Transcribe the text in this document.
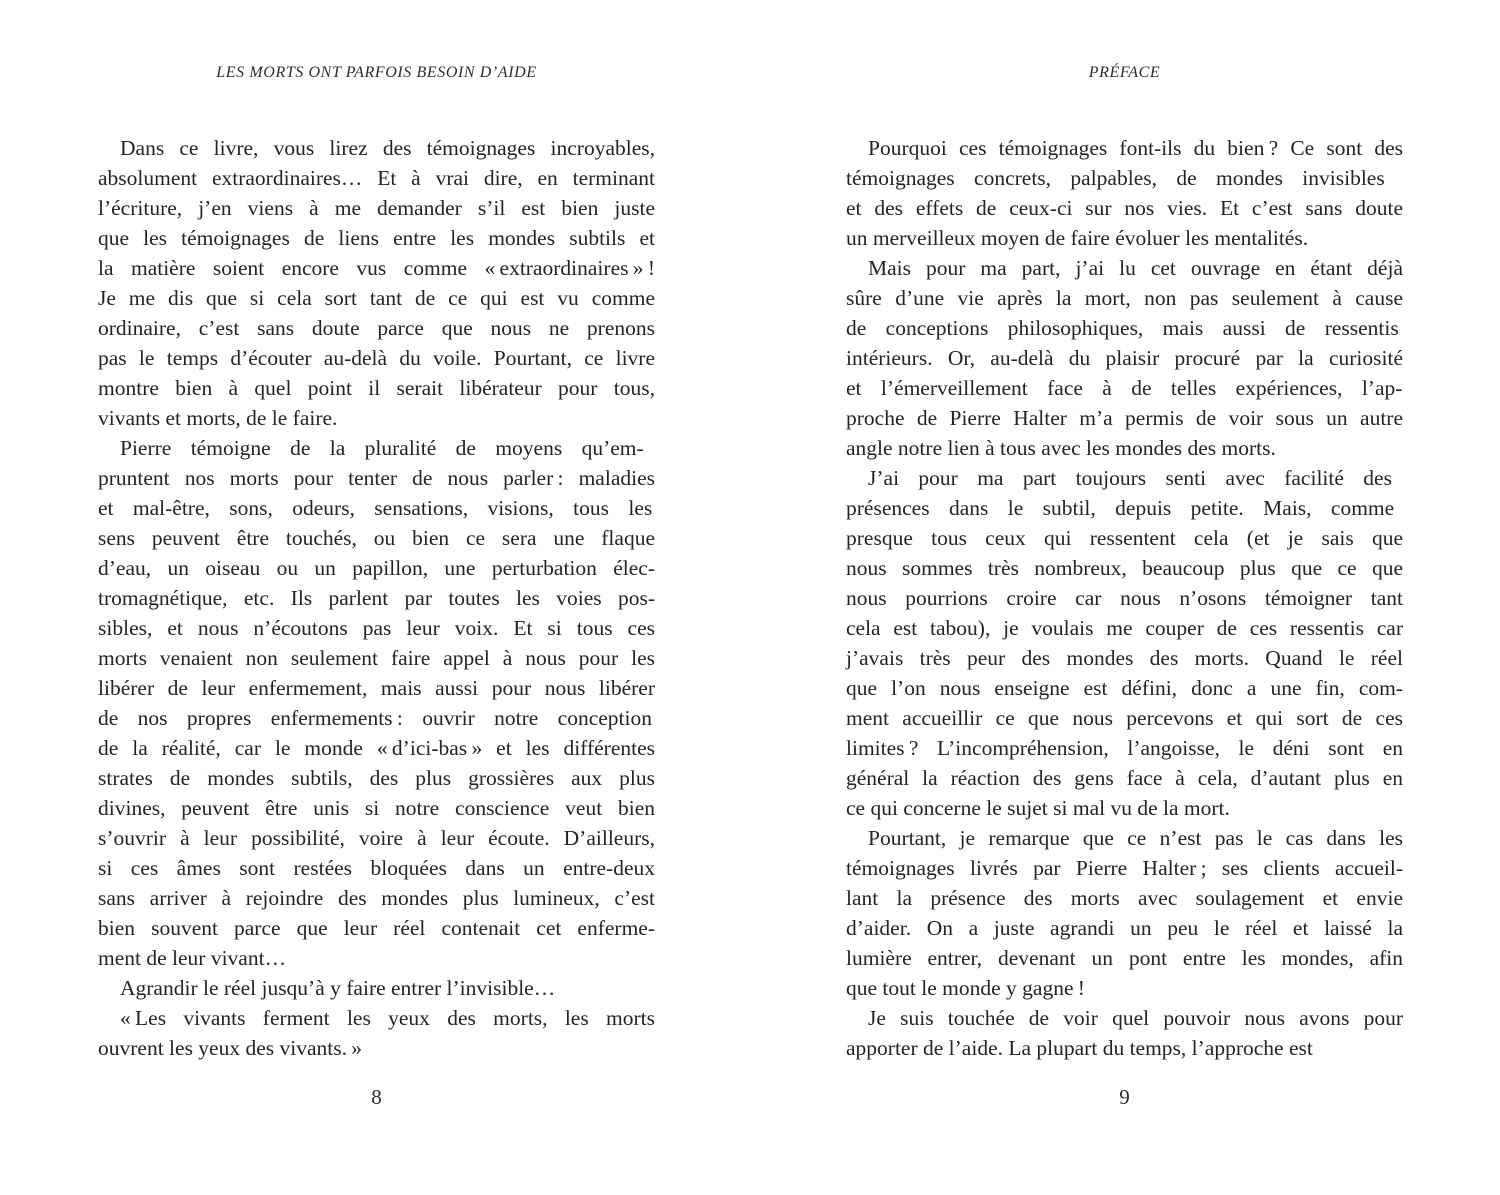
LES MORTS ONT PARFOIS BESOIN D’AIDE
Dans ce livre, vous lirez des témoignages incroyables,
absolument extraordinaires… Et à vrai dire, en terminant
l’écriture, j’en viens à me demander s’il est bien juste
que les témoignages de liens entre les mondes subtils et
la matière soient encore vus comme « extraordinaires » !
Je me dis que si cela sort tant de ce qui est vu comme
ordinaire, c’est sans doute parce que nous ne prenons
pas le temps d’écouter au-delà du voile. Pourtant, ce livre
montre bien à quel point il serait libérateur pour tous,
vivants et morts, de le faire.
Pierre témoigne de la pluralité de moyens qu’em-
pruntent nos morts pour tenter de nous parler : maladies
et mal-être, sons, odeurs, sensations, visions, tous les
sens peuvent être touchés, ou bien ce sera une flaque
d’eau, un oiseau ou un papillon, une perturbation élec-
tromagnétique, etc. Ils parlent par toutes les voies pos-
sibles, et nous n’écoutons pas leur voix. Et si tous ces
morts venaient non seulement faire appel à nous pour les
libérer de leur enfermement, mais aussi pour nous libérer
de nos propres enfermements : ouvrir notre conception
de la réalité, car le monde « d’ici-bas » et les différentes
strates de mondes subtils, des plus grossières aux plus
divines, peuvent être unis si notre conscience veut bien
s’ouvrir à leur possibilité, voire à leur écoute. D’ailleurs,
si ces âmes sont restées bloquées dans un entre-deux
sans arriver à rejoindre des mondes plus lumineux, c’est
bien souvent parce que leur réel contenait cet enferme-
ment de leur vivant…
Agrandir le réel jusqu’à y faire entrer l’invisible…
« Les vivants ferment les yeux des morts, les morts
ouvrent les yeux des vivants. »
8
PRÉFACE
Pourquoi ces témoignages font-ils du bien ? Ce sont des
témoignages concrets, palpables, de mondes invisibles
et des effets de ceux-ci sur nos vies. Et c’est sans doute
un merveilleux moyen de faire évoluer les mentalités.
Mais pour ma part, j’ai lu cet ouvrage en étant déjà
sûre d’une vie après la mort, non pas seulement à cause
de conceptions philosophiques, mais aussi de ressentis
intérieurs. Or, au-delà du plaisir procuré par la curiosité
et l’émerveillement face à de telles expériences, l’ap-
proche de Pierre Halter m’a permis de voir sous un autre
angle notre lien à tous avec les mondes des morts.
J’ai pour ma part toujours senti avec facilité des
présences dans le subtil, depuis petite. Mais, comme
presque tous ceux qui ressentent cela (et je sais que
nous sommes très nombreux, beaucoup plus que ce que
nous pourrions croire car nous n’osons témoigner tant
cela est tabou), je voulais me couper de ces ressentis car
j’avais très peur des mondes des morts. Quand le réel
que l’on nous enseigne est défini, donc a une fin, com-
ment accueillir ce que nous percevons et qui sort de ces
limites ? L’incompréhension, l’angoisse, le déni sont en
général la réaction des gens face à cela, d’autant plus en
ce qui concerne le sujet si mal vu de la mort.
Pourtant, je remarque que ce n’est pas le cas dans les
témoignages livrés par Pierre Halter ; ses clients accueil-
lant la présence des morts avec soulagement et envie
d’aider. On a juste agrandi un peu le réel et laissé la
lumière entrer, devenant un pont entre les mondes, afin
que tout le monde y gagne !
Je suis touchée de voir quel pouvoir nous avons pour
apporter de l’aide. La plupart du temps, l’approche est
9
